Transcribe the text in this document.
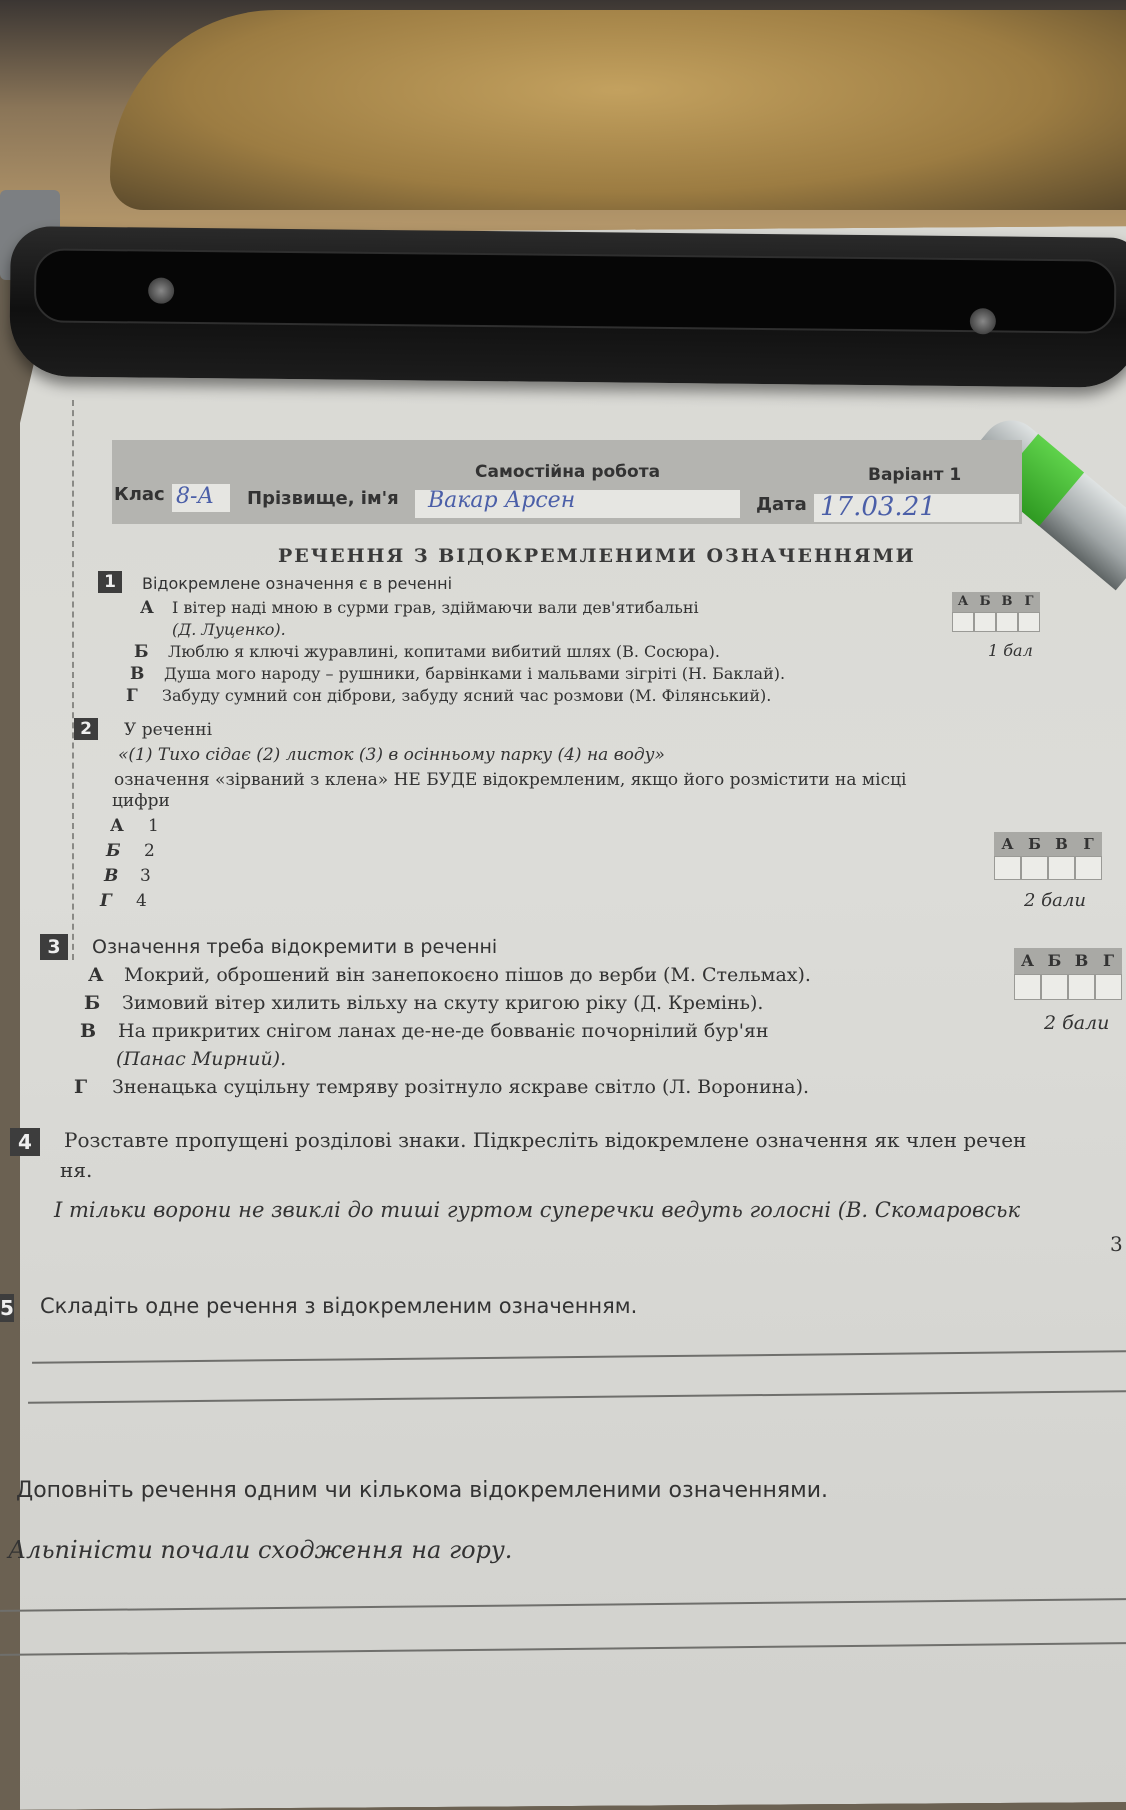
Самостійна робота	Варіант 1
Клас 8-А Прізвище, ім'я Вакар Арсен	Дата 17.03.21
РЕЧЕННЯ З ВІДОКРЕМЛЕНИМИ ОЗНАЧЕННЯМИ
1	Відокремлене означення є в реченні
А І вітер наді мною в сурми грав, здіймаючи вали дев'ятибальні
(Д. Луценко).
Б Люблю я ключі журавлині, копитами вибитий шлях (В. Сосюра).
В Душа мого народу – рушники, барвінками і мальвами зігріті (Н. Баклай).
Г Забуду сумний сон діброви, забуду ясний час розмови (М. Філянський).
А Б В Г
1 бал
2	У реченні
«(1) Тихо сідає (2) листок (3) в осінньому парку (4) на воду»
означення «зірваний з клена» НЕ БУДЕ відокремленим, якщо його розмістити на місці
цифри
А 1
Б 2
В 3
Г 4
А Б В	Г
2 бали
3	Означення треба відокремити в реченні
А Мокрий, оброшений він занепокоєно пішов до верби (М. Стельмах).
Б Зимовий вітер хилить вільху на скуту кригою ріку (Д. Кремінь).
В На прикритих снігом ланах де-не-де бовваніє почорнілий бур'ян
(Панас Мирний).
Г Зненацька суцільну темряву розітнуло яскраве світло (Л. Воронина).
А Б В Г
2 бали
4	Розставте пропущені розділові знаки. Підкресліть відокремлене означення як член речен
ня.
І тільки ворони не звиклі до тиші гуртом суперечки ведуть голосні (В. Скомаровськ
3
5 Складіть одне речення з відокремленим означенням.
Доповніть речення одним чи кількома відокремленими означеннями.
Альпіністи почали сходження на гору.
